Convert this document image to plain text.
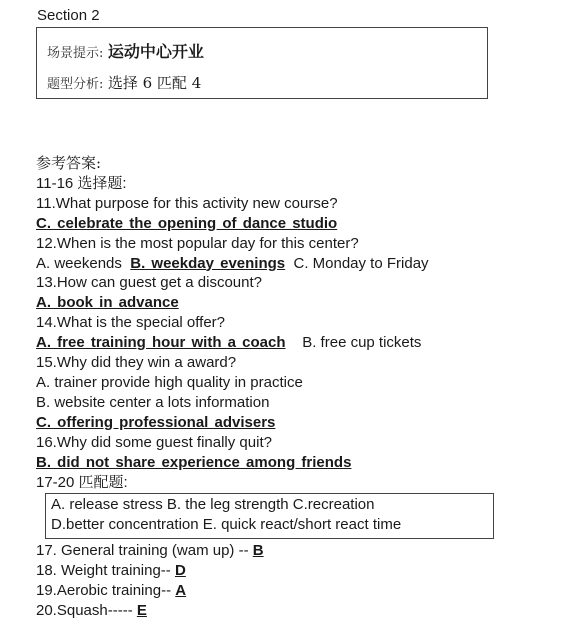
Section 2
场景提示: 运动中心开业
题型分析: 选择 6 匹配 4
参考答案:
11-16 选择题:
11.What purpose for this activity new course?
C. celebrate the opening of dance studio
12.When is the most popular day for this center?
A. weekends B. weekday evenings C. Monday to Friday
13.How can guest get a discount?
A. book in advance
14.What is the special offer?
A. free training hour with a coach B. free cup tickets
15.Why did they win a award?
A. trainer provide high quality in practice
B. website center a lots information
C. offering professional advisers
16.Why did some guest finally quit?
B. did not share experience among friends
17-20 匹配题:
A. release stress B. the leg strength C.recreation
D.better concentration E. quick react/short react time
17. General training (wam up) -- B
18. Weight training-- D
19.Aerobic training-- A
20.Squash----- E
